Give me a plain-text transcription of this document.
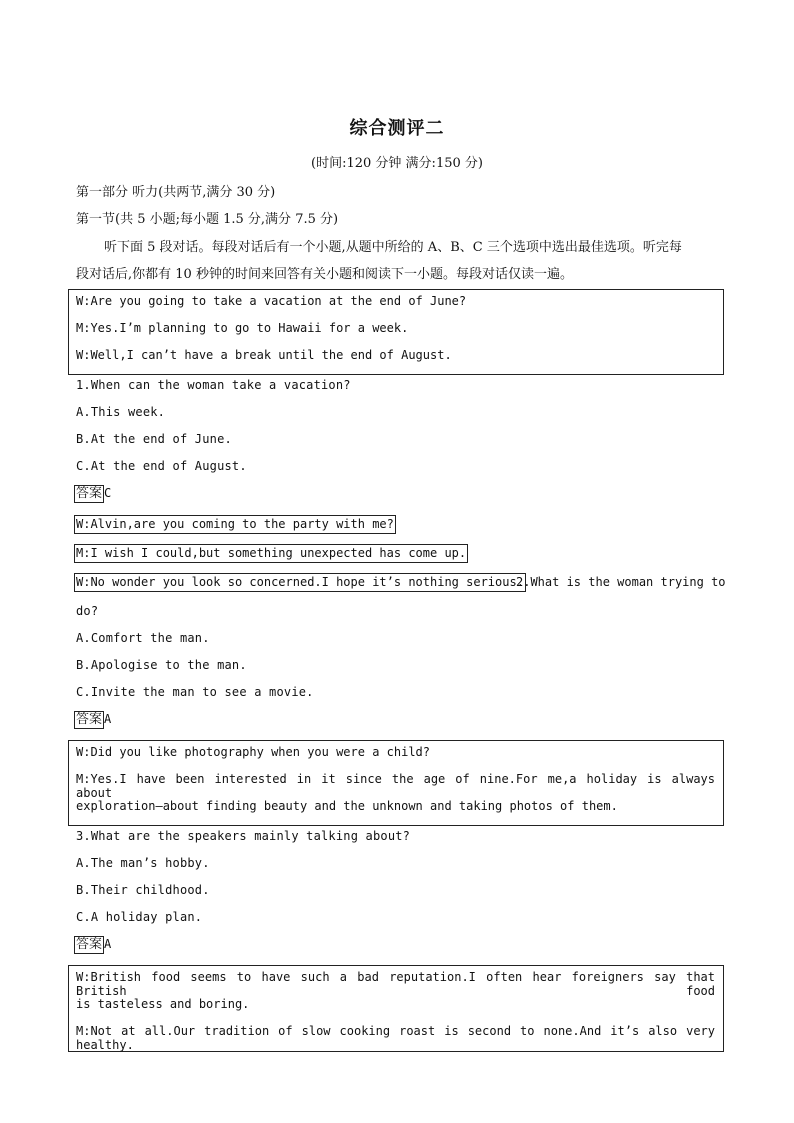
综合测评二
(时间:120 分钟 满分:150 分)
第一部分 听力(共两节,满分 30 分)
第一节(共 5 小题;每小题 1.5 分,满分 7.5 分)
听下面 5 段对话。每段对话后有一个小题,从题中所给的 A、B、C 三个选项中选出最佳选项。听完每
段对话后,你都有 10 秒钟的时间来回答有关小题和阅读下一小题。每段对话仅读一遍。
W:Are you going to take a vacation at the end of June?
M:Yes.I’m planning to go to Hawaii for a week.
W:Well,I can’t have a break until the end of August.
1.When can the woman take a vacation?
A.This week.
B.At the end of June.
C.At the end of August.
答案 C
W:Alvin,are you coming to the party with me?
M:I wish I could,but something unexpected has come up.
W:No wonder you look so concerned.I hope it’s nothing serious.
2.What is the woman trying to
do?
A.Comfort the man.
B.Apologise to the man.
C.Invite the man to see a movie.
答案 A
W:Did you like photography when you were a child?
M:Yes.I have been interested in it since the age of nine.For me,a holiday is always about
exploration—about finding beauty and the unknown and taking photos of them.
3.What are the speakers mainly talking about?
A.The man’s hobby.
B.Their childhood.
C.A holiday plan.
答案 A
W:British food seems to have such a bad reputation.I often hear foreigners say that British food
is tasteless and boring.
M:Not at all.Our tradition of slow cooking roast is second to none.And it’s also very healthy.
